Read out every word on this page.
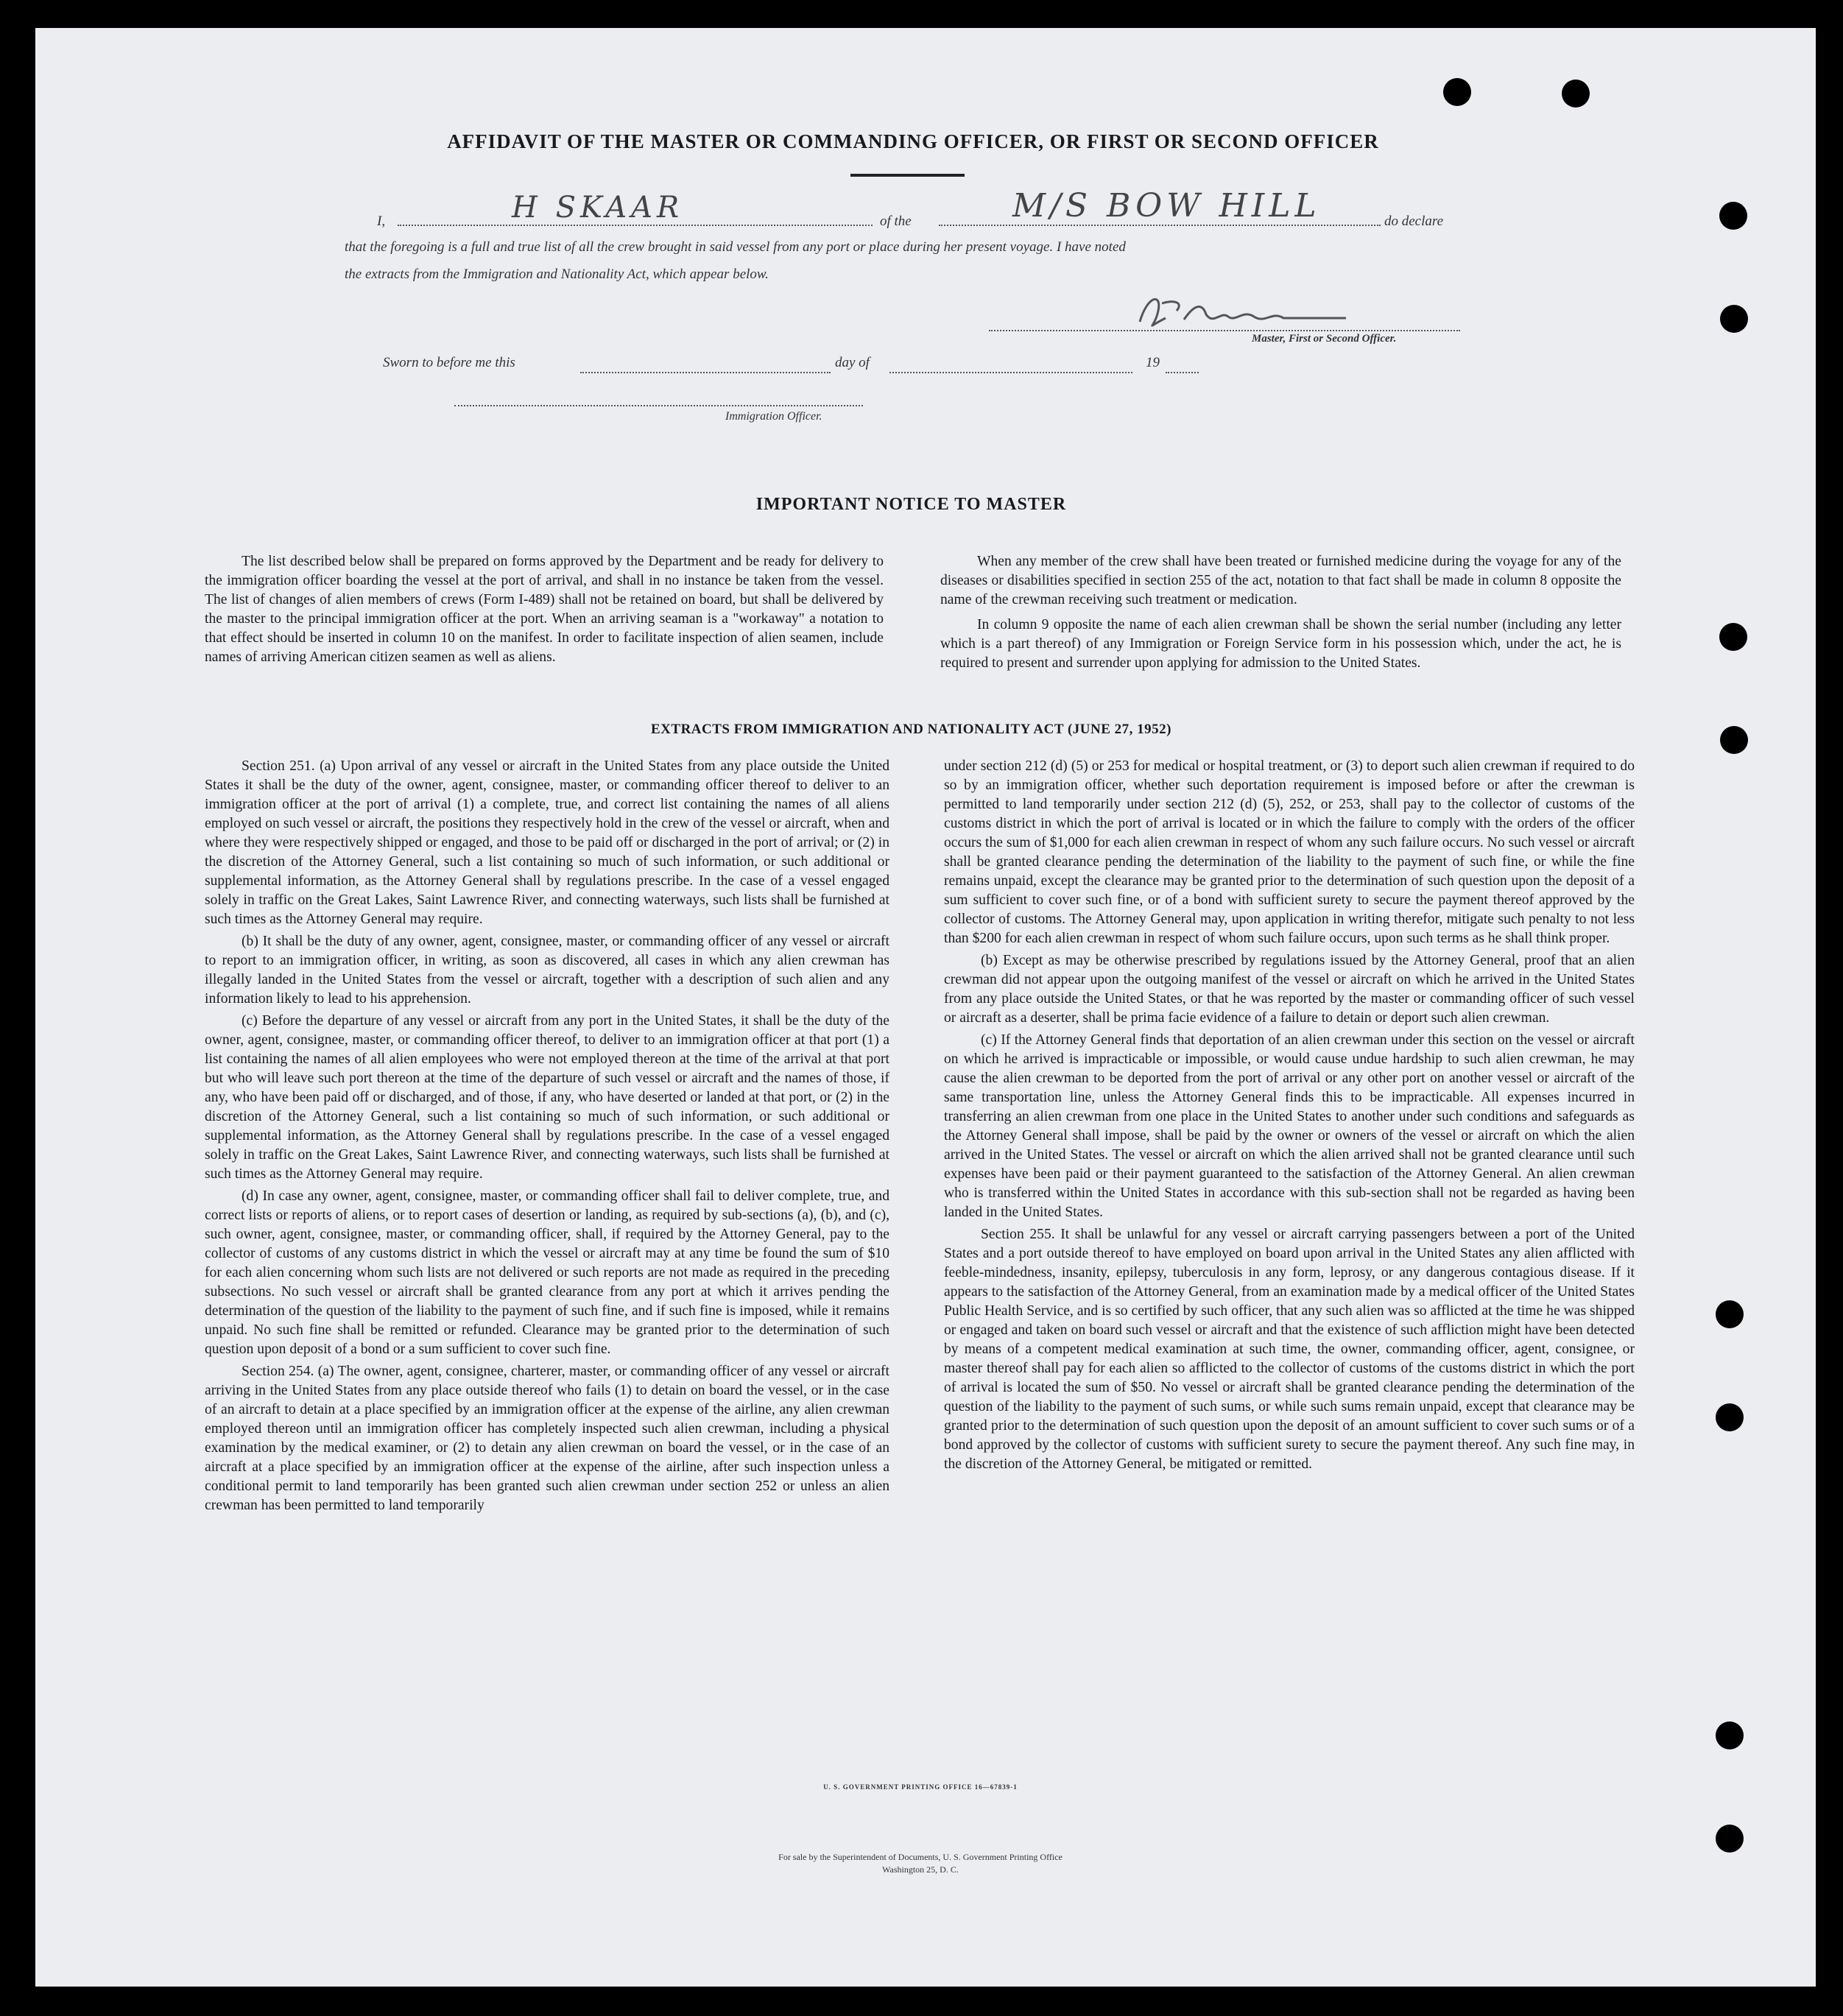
AFFIDAVIT OF THE MASTER OR COMMANDING OFFICER, OR FIRST OR SECOND OFFICER
I,	H SKAAR	of the	M/S BOW HILL	do declare
that the foregoing is a full and true list of all the crew brought in said vessel from any port or place during her present voyage. I have noted
the extracts from the Immigration and Nationality Act, which appear below.
Master, First or Second Officer.
Sworn to before me this	day of	19
Immigration Officer.
IMPORTANT NOTICE TO MASTER

The list described below shall be prepared on forms approved by the Department and be ready for delivery to the immigration officer boarding the vessel at the port of arrival, and shall in no instance be taken from the vessel. The list of changes of alien members of crews (Form I-489) shall not be retained on board, but shall be delivered by the master to the principal immigration officer at the port. When an arriving seaman is a "workaway" a notation to that effect should be inserted in column 10 on the manifest. In order to facilitate inspection of alien seamen, include names of arriving American citizen seamen as well as aliens.

When any member of the crew shall have been treated or furnished medicine during the voyage for any of the diseases or disabilities specified in section 255 of the act, notation to that fact shall be made in column 8 opposite the name of the crewman receiving such treatment or medication.

In column 9 opposite the name of each alien crewman shall be shown the serial number (including any letter which is a part thereof) of any Immigration or Foreign Service form in his possession which, under the act, he is required to present and surrender upon applying for admission to the United States.

EXTRACTS FROM IMMIGRATION AND NATIONALITY ACT (JUNE 27, 1952)

Section 251. (a) Upon arrival of any vessel or aircraft in the United States from any place outside the United States it shall be the duty of the owner, agent, consignee, master, or commanding officer thereof to deliver to an immigration officer at the port of arrival (1) a complete, true, and correct list containing the names of all aliens employed on such vessel or aircraft, the positions they respectively hold in the crew of the vessel or aircraft, when and where they were respectively shipped or engaged, and those to be paid off or discharged in the port of arrival; or (2) in the discretion of the Attorney General, such a list containing so much of such information, or such additional or supplemental information, as the Attorney General shall by regulations prescribe. In the case of a vessel engaged solely in traffic on the Great Lakes, Saint Lawrence River, and connecting waterways, such lists shall be furnished at such times as the Attorney General may require.

(b) It shall be the duty of any owner, agent, consignee, master, or commanding officer of any vessel or aircraft to report to an immigration officer, in writing, as soon as discovered, all cases in which any alien crewman has illegally landed in the United States from the vessel or aircraft, together with a description of such alien and any information likely to lead to his apprehension.

(c) Before the departure of any vessel or aircraft from any port in the United States, it shall be the duty of the owner, agent, consignee, master, or commanding officer thereof, to deliver to an immigration officer at that port (1) a list containing the names of all alien employees who were not employed thereon at the time of the arrival at that port but who will leave such port thereon at the time of the departure of such vessel or aircraft and the names of those, if any, who have been paid off or discharged, and of those, if any, who have deserted or landed at that port, or (2) in the discretion of the Attorney General, such a list containing so much of such information, or such additional or supplemental information, as the Attorney General shall by regulations prescribe. In the case of a vessel engaged solely in traffic on the Great Lakes, Saint Lawrence River, and connecting waterways, such lists shall be furnished at such times as the Attorney General may require.

(d) In case any owner, agent, consignee, master, or commanding officer shall fail to deliver complete, true, and correct lists or reports of aliens, or to report cases of desertion or landing, as required by sub-sections (a), (b), and (c), such owner, agent, consignee, master, or commanding officer, shall, if required by the Attorney General, pay to the collector of customs of any customs district in which the vessel or aircraft may at any time be found the sum of $10 for each alien concerning whom such lists are not delivered or such reports are not made as required in the preceding subsections. No such vessel or aircraft shall be granted clearance from any port at which it arrives pending the determination of the question of the liability to the payment of such fine, and if such fine is imposed, while it remains unpaid. No such fine shall be remitted or refunded. Clearance may be granted prior to the determination of such question upon deposit of a bond or a sum sufficient to cover such fine.

Section 254. (a) The owner, agent, consignee, charterer, master, or commanding officer of any vessel or aircraft arriving in the United States from any place outside thereof who fails (1) to detain on board the vessel, or in the case of an aircraft to detain at a place specified by an immigration officer at the expense of the airline, any alien crewman employed thereon until an immigration officer has completely inspected such alien crewman, including a physical examination by the medical examiner, or (2) to detain any alien crewman on board the vessel, or in the case of an aircraft at a place specified by an immigration officer at the expense of the airline, after such inspection unless a conditional permit to land temporarily has been granted such alien crewman under section 252 or unless an alien crewman has been permitted to land temporarily

under section 212 (d) (5) or 253 for medical or hospital treatment, or (3) to deport such alien crewman if required to do so by an immigration officer, whether such deportation requirement is imposed before or after the crewman is permitted to land temporarily under section 212 (d) (5), 252, or 253, shall pay to the collector of customs of the customs district in which the port of arrival is located or in which the failure to comply with the orders of the officer occurs the sum of $1,000 for each alien crewman in respect of whom any such failure occurs. No such vessel or aircraft shall be granted clearance pending the determination of the liability to the payment of such fine, or while the fine remains unpaid, except the clearance may be granted prior to the determination of such question upon the deposit of a sum sufficient to cover such fine, or of a bond with sufficient surety to secure the payment thereof approved by the collector of customs. The Attorney General may, upon application in writing therefor, mitigate such penalty to not less than $200 for each alien crewman in respect of whom such failure occurs, upon such terms as he shall think proper.

(b) Except as may be otherwise prescribed by regulations issued by the Attorney General, proof that an alien crewman did not appear upon the outgoing manifest of the vessel or aircraft on which he arrived in the United States from any place outside the United States, or that he was reported by the master or commanding officer of such vessel or aircraft as a deserter, shall be prima facie evidence of a failure to detain or deport such alien crewman.

(c) If the Attorney General finds that deportation of an alien crewman under this section on the vessel or aircraft on which he arrived is impracticable or impossible, or would cause undue hardship to such alien crewman, he may cause the alien crewman to be deported from the port of arrival or any other port on another vessel or aircraft of the same transportation line, unless the Attorney General finds this to be impracticable. All expenses incurred in transferring an alien crewman from one place in the United States to another under such conditions and safeguards as the Attorney General shall impose, shall be paid by the owner or owners of the vessel or aircraft on which the alien arrived in the United States. The vessel or aircraft on which the alien arrived shall not be granted clearance until such expenses have been paid or their payment guaranteed to the satisfaction of the Attorney General. An alien crewman who is transferred within the United States in accordance with this sub-section shall not be regarded as having been landed in the United States.

Section 255. It shall be unlawful for any vessel or aircraft carrying passengers between a port of the United States and a port outside thereof to have employed on board upon arrival in the United States any alien afflicted with feeble-mindedness, insanity, epilepsy, tuberculosis in any form, leprosy, or any dangerous contagious disease. If it appears to the satisfaction of the Attorney General, from an examination made by a medical officer of the United States Public Health Service, and is so certified by such officer, that any such alien was so afflicted at the time he was shipped or engaged and taken on board such vessel or aircraft and that the existence of such affliction might have been detected by means of a competent medical examination at such time, the owner, commanding officer, agent, consignee, or master thereof shall pay for each alien so afflicted to the collector of customs of the customs district in which the port of arrival is located the sum of $50. No vessel or aircraft shall be granted clearance pending the determination of the question of the liability to the payment of such sums, or while such sums remain unpaid, except that clearance may be granted prior to the determination of such question upon the deposit of an amount sufficient to cover such sums or of a bond approved by the collector of customs with sufficient surety to secure the payment thereof. Any such fine may, in the discretion of the Attorney General, be mitigated or remitted.

U. S. GOVERNMENT PRINTING OFFICE 16—67839-1
For sale by the Superintendent of Documents, U. S. Government Printing Office
Washington 25, D. C.
